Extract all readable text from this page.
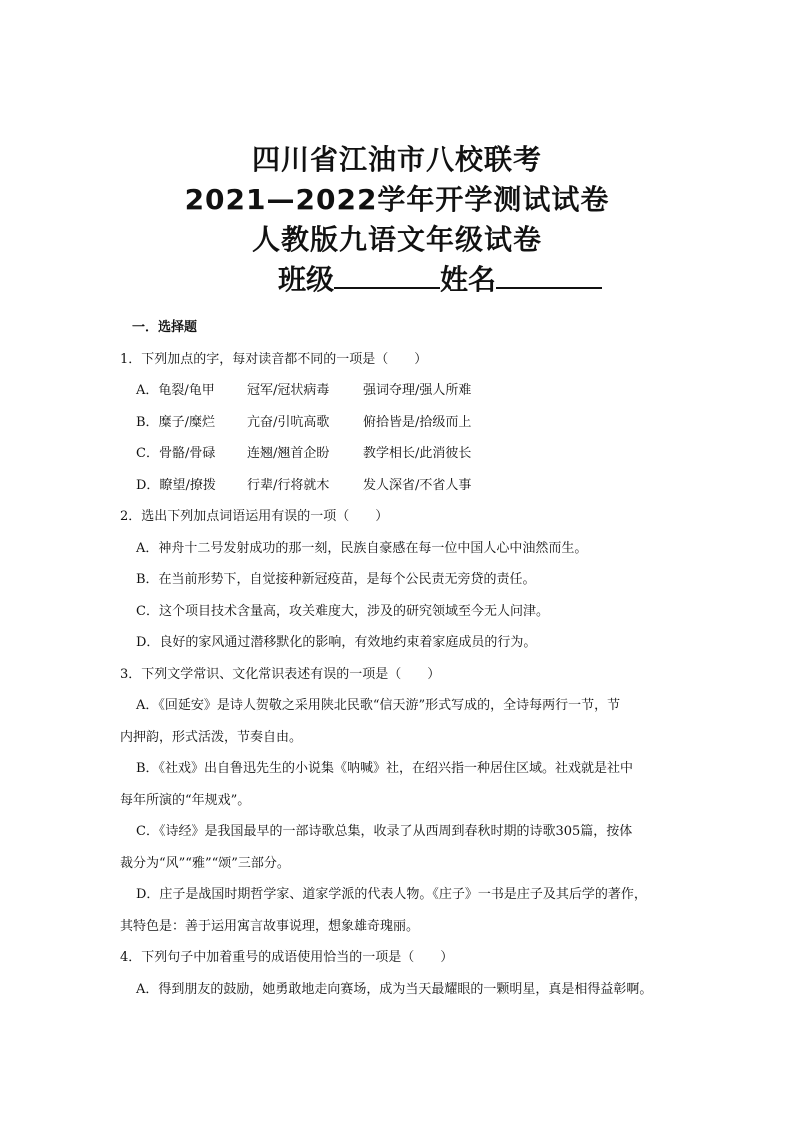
四川省江油市八校联考

2021—2022学年开学测试试卷

人教版九语文年级试卷

班级	姓名

一．选择题

1．下列加点的字，每对读音都不同的一项是（　　）

A．龟裂/龟甲	冠军/冠状病毒	强词夺理/强人所难
B．糜子/糜烂	亢奋/引吭高歌	俯拾皆是/拾级而上
C．骨骼/骨碌	连翘/翘首企盼	教学相长/此消彼长
D．瞭望/撩拨	行辈/行将就木	发人深省/不省人事

2．选出下列加点词语运用有误的一项（　　）

A．神舟十二号发射成功的那一刻，民族自豪感在每一位中国人心中油然而生。

B．在当前形势下，自觉接种新冠疫苗，是每个公民责无旁贷的责任。

C．这个项目技术含量高，攻关难度大，涉及的研究领域至今无人问津。

D．良好的家风通过潜移默化的影响，有效地约束着家庭成员的行为。

3．下列文学常识、文化常识表述有误的一项是（　　）

A．《回延安》是诗人贺敬之采用陕北民歌“信天游”形式写成的，全诗每两行一节，节

内押韵，形式活泼，节奏自由。

B．《社戏》出自鲁迅先生的小说集《呐喊》社，在绍兴指一种居住区域。社戏就是社中

每年所演的“年规戏”。

C．《诗经》是我国最早的一部诗歌总集，收录了从西周到春秋时期的诗歌305篇，按体

裁分为“风”“雅”“颂”三部分。

D．庄子是战国时期哲学家、道家学派的代表人物。《庄子》一书是庄子及其后学的著作，

其特色是：善于运用寓言故事说理，想象雄奇瑰丽。

4．下列句子中加着重号的成语使用恰当的一项是（　　）

A．得到朋友的鼓励，她勇敢地走向赛场，成为当天最耀眼的一颗明星，真是相得益彰啊。
